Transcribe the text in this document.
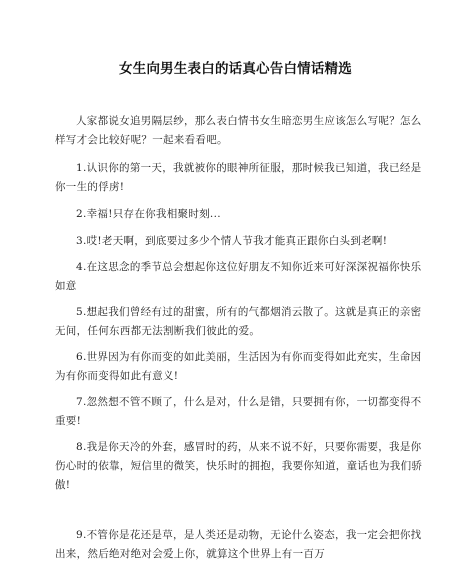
女生向男生表白的话真心告白情话精选

人家都说女追男隔层纱，那么表白情书女生暗恋男生应该怎么写呢？怎么样写才会比较好呢？一起来看看吧。

1.认识你的第一天，我就被你的眼神所征服，那时候我已知道，我已经是你一生的俘虏!

2.幸福!只存在你我相聚时刻...

3.哎!老天啊，到底要过多少个情人节我才能真正跟你白头到老啊!

4.在这思念的季节总会想起你这位好朋友不知你近来可好深深祝福你快乐如意

5.想起我们曾经有过的甜蜜，所有的气都烟消云散了。这就是真正的亲密无间，任何东西都无法割断我们彼此的爱。

6.世界因为有你而变的如此美丽，生活因为有你而变得如此充实，生命因为有你而变得如此有意义!

7.忽然想不管不顾了，什么是对，什么是错，只要拥有你，一切都变得不重要!

8.我是你天冷的外套，感冒时的药，从来不说不好，只要你需要，我是你伤心时的依靠，短信里的微笑，快乐时的拥抱，我要你知道，童话也为我们骄傲!

9.不管你是花还是草，是人类还是动物，无论什么姿态，我一定会把你找出来，然后绝对绝对会爱上你，就算这个世界上有一百万
